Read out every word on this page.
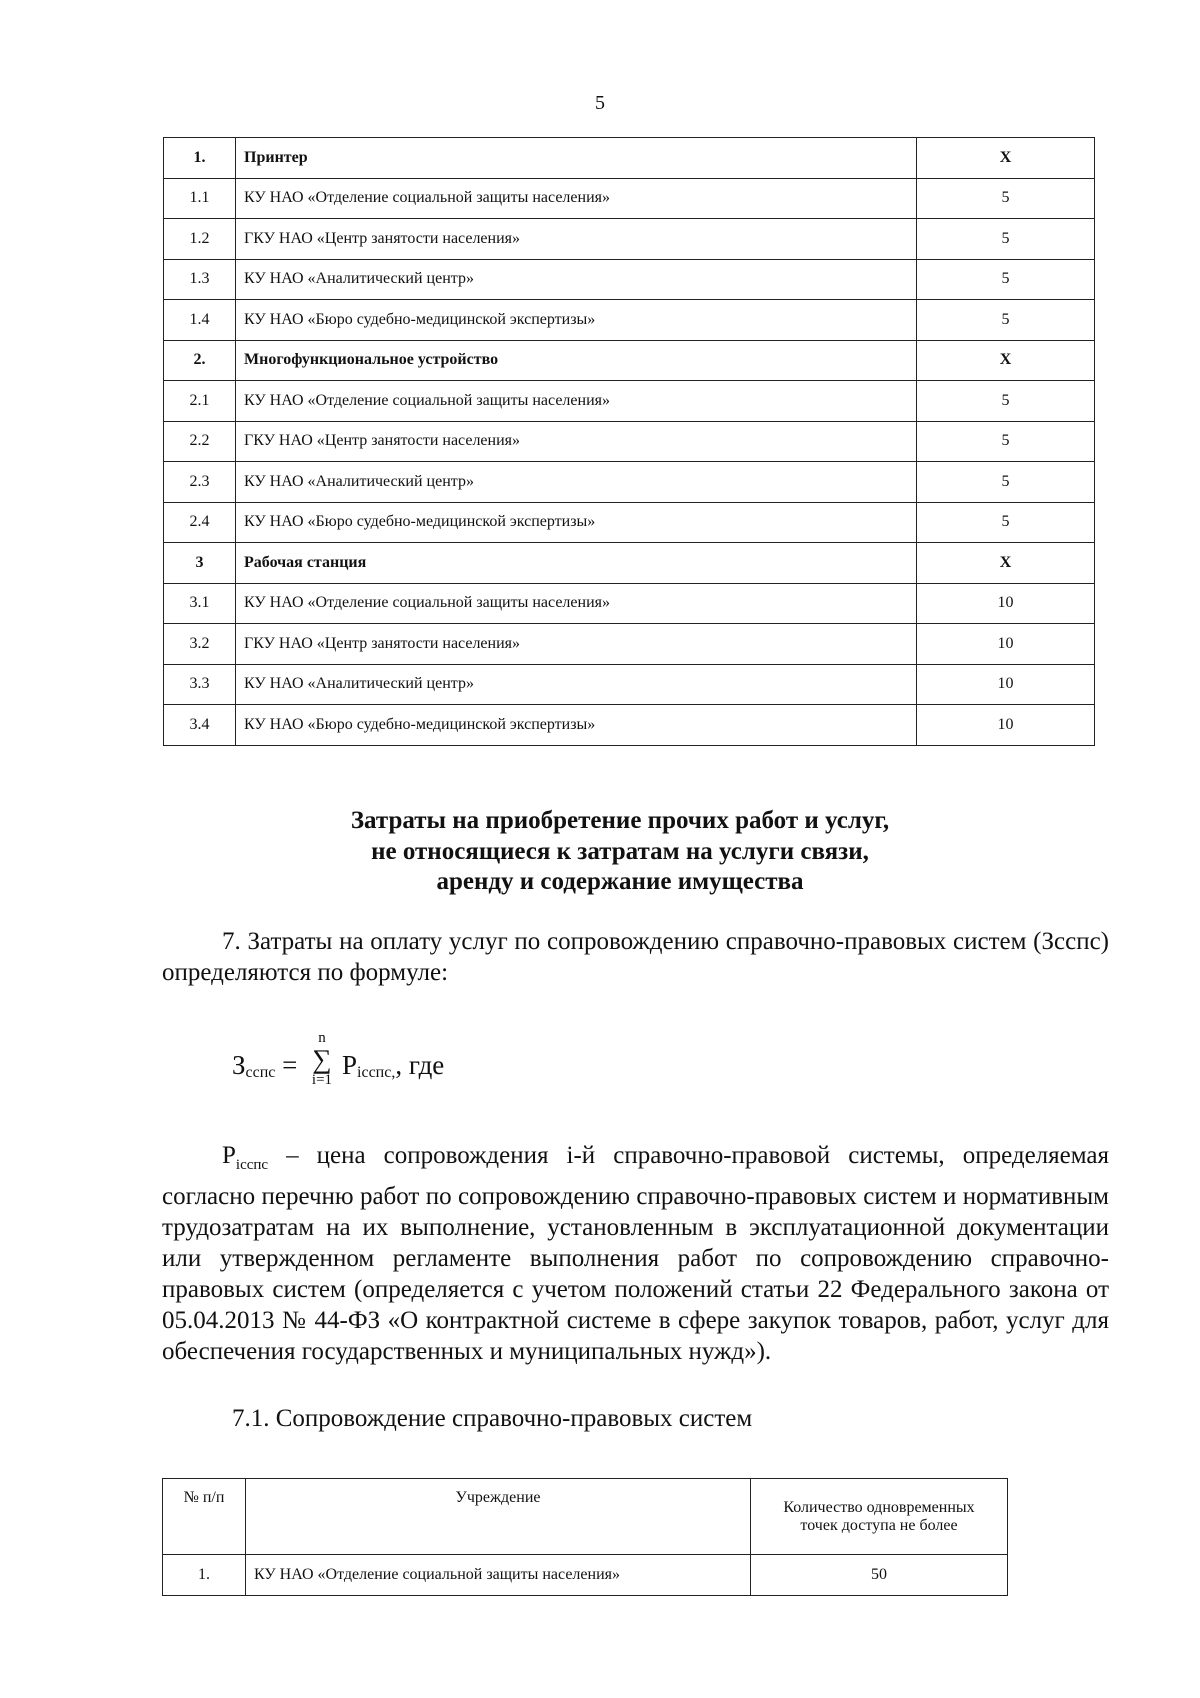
5
1.	Принтер	X
1.1	КУ НАО «Отделение социальной защиты населения»	5
1.2	ГКУ НАО «Центр занятости населения»	5
1.3	КУ НАО «Аналитический центр»	5
1.4	КУ НАО «Бюро судебно-медицинской экспертизы»	5
2.	Многофункциональное устройство	X
2.1	КУ НАО «Отделение социальной защиты населения»	5
2.2	ГКУ НАО «Центр занятости населения»	5
2.3	КУ НАО «Аналитический центр»	5
2.4	КУ НАО «Бюро судебно-медицинской экспертизы»	5
3	Рабочая станция	X
3.1	КУ НАО «Отделение социальной защиты населения»	10
3.2	ГКУ НАО «Центр занятости населения»	10
3.3	КУ НАО «Аналитический центр»	10
3.4	КУ НАО «Бюро судебно-медицинской экспертизы»	10
Затраты на приобретение прочих работ и услуг,
не относящиеся к затратам на услуги связи,
аренду и содержание имущества
7. Затраты на оплату услуг по сопровождению справочно-правовых систем (Зсспс) определяются по формуле:
$З_{сспс}$ =
n
∑
i=1 $P_{iсспс,}$, где
$P_{iсспс}$ – цена сопровождения i-й справочно-правовой системы, определяемая согласно перечню работ по сопровождению справочно-правовых систем и нормативным трудозатратам на их выполнение, установленным в эксплуатационной документации или утвержденном регламенте выполнения работ по сопровождению справочно-правовых систем (определяется с учетом положений статьи 22 Федерального закона от 05.04.2013 № 44-ФЗ «О контрактной системе в сфере закупок товаров, работ, услуг для обеспечения государственных и муниципальных нужд»).
7.1. Сопровождение справочно-правовых систем
№ п/п	Учреждение	Количество одновременных
точек доступа не более

1.	КУ НАО «Отделение социальной защиты населения»	50
